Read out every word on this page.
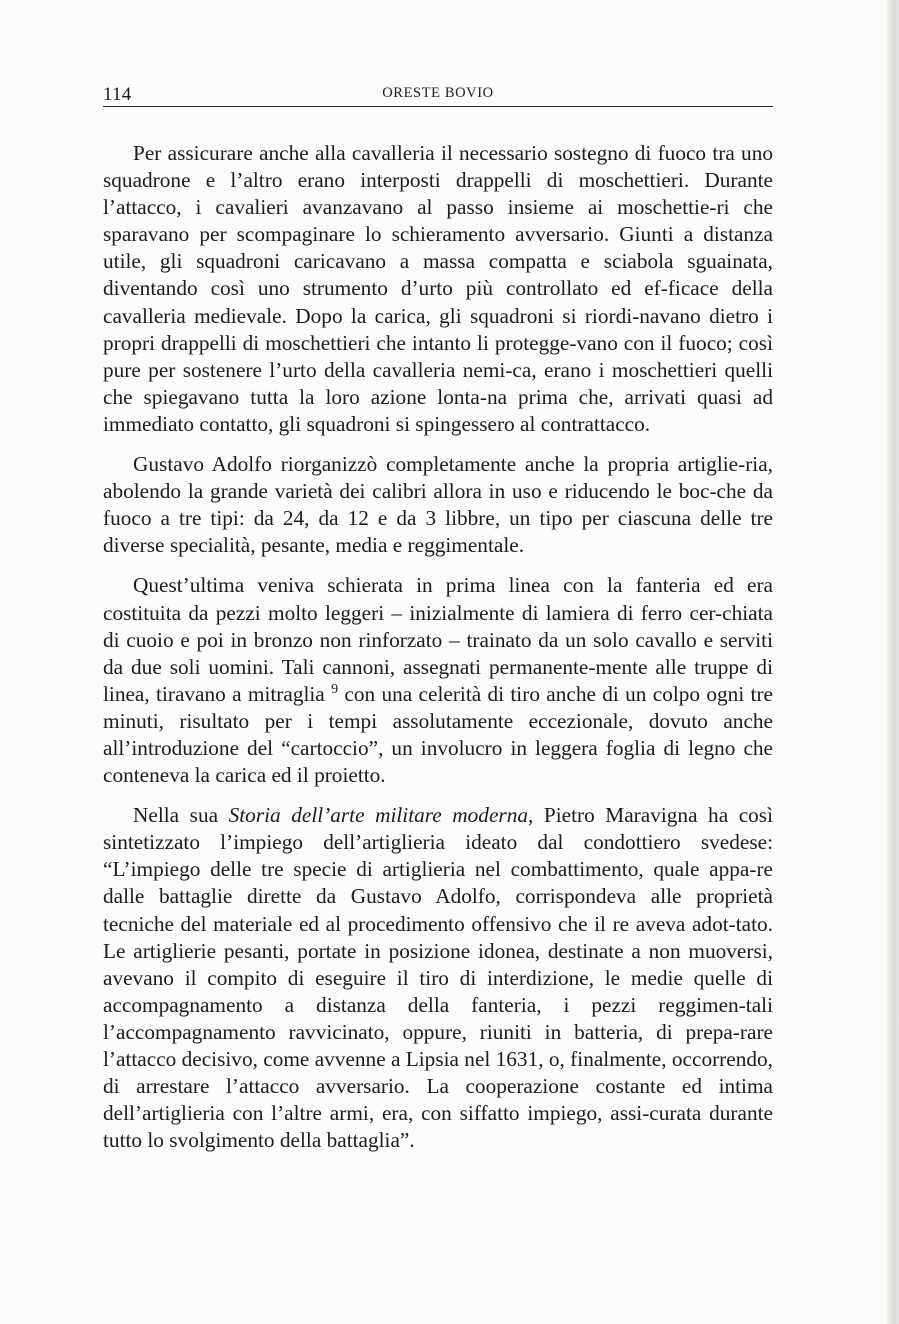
114	ORESTE BOVIO

Per assicurare anche alla cavalleria il necessario sostegno di fuoco tra uno squadrone e l’altro erano interposti drappelli di moschettieri. Durante l’attacco, i cavalieri avanzavano al passo insieme ai moschettie-ri che sparavano per scompaginare lo schieramento avversario. Giunti a distanza utile, gli squadroni caricavano a massa compatta e sciabola sguainata, diventando così uno strumento d’urto più controllato ed ef-ficace della cavalleria medievale. Dopo la carica, gli squadroni si riordi-navano dietro i propri drappelli di moschettieri che intanto li protegge-vano con il fuoco; così pure per sostenere l’urto della cavalleria nemi-ca, erano i moschettieri quelli che spiegavano tutta la loro azione lonta-na prima che, arrivati quasi ad immediato contatto, gli squadroni si spingessero al contrattacco.

Gustavo Adolfo riorganizzò completamente anche la propria artiglie-ria, abolendo la grande varietà dei calibri allora in uso e riducendo le boc-che da fuoco a tre tipi: da 24, da 12 e da 3 libbre, un tipo per ciascuna delle tre diverse specialità, pesante, media e reggimentale.

Quest’ultima veniva schierata in prima linea con la fanteria ed era costituita da pezzi molto leggeri – inizialmente di lamiera di ferro cer-chiata di cuoio e poi in bronzo non rinforzato – trainato da un solo cavallo e serviti da due soli uomini. Tali cannoni, assegnati permanente-mente alle truppe di linea, tiravano a mitraglia $^9$ con una celerità di tiro anche di un colpo ogni tre minuti, risultato per i tempi assolutamente eccezionale, dovuto anche all’introduzione del “cartoccio”, un involucro in leggera foglia di legno che conteneva la carica ed il proietto.

Nella sua Storia dell’arte militare moderna, Pietro Maravigna ha così sintetizzato l’impiego dell’artiglieria ideato dal condottiero svedese: “L’impiego delle tre specie di artiglieria nel combattimento, quale appa-re dalle battaglie dirette da Gustavo Adolfo, corrispondeva alle proprietà tecniche del materiale ed al procedimento offensivo che il re aveva adot-tato. Le artiglierie pesanti, portate in posizione idonea, destinate a non muoversi, avevano il compito di eseguire il tiro di interdizione, le medie quelle di accompagnamento a distanza della fanteria, i pezzi reggimen-tali l’accompagnamento ravvicinato, oppure, riuniti in batteria, di prepa-rare l’attacco decisivo, come avvenne a Lipsia nel 1631, o, finalmente, occorrendo, di arrestare l’attacco avversario. La cooperazione costante ed intima dell’artiglieria con l’altre armi, era, con siffatto impiego, assi-curata durante tutto lo svolgimento della battaglia”.
